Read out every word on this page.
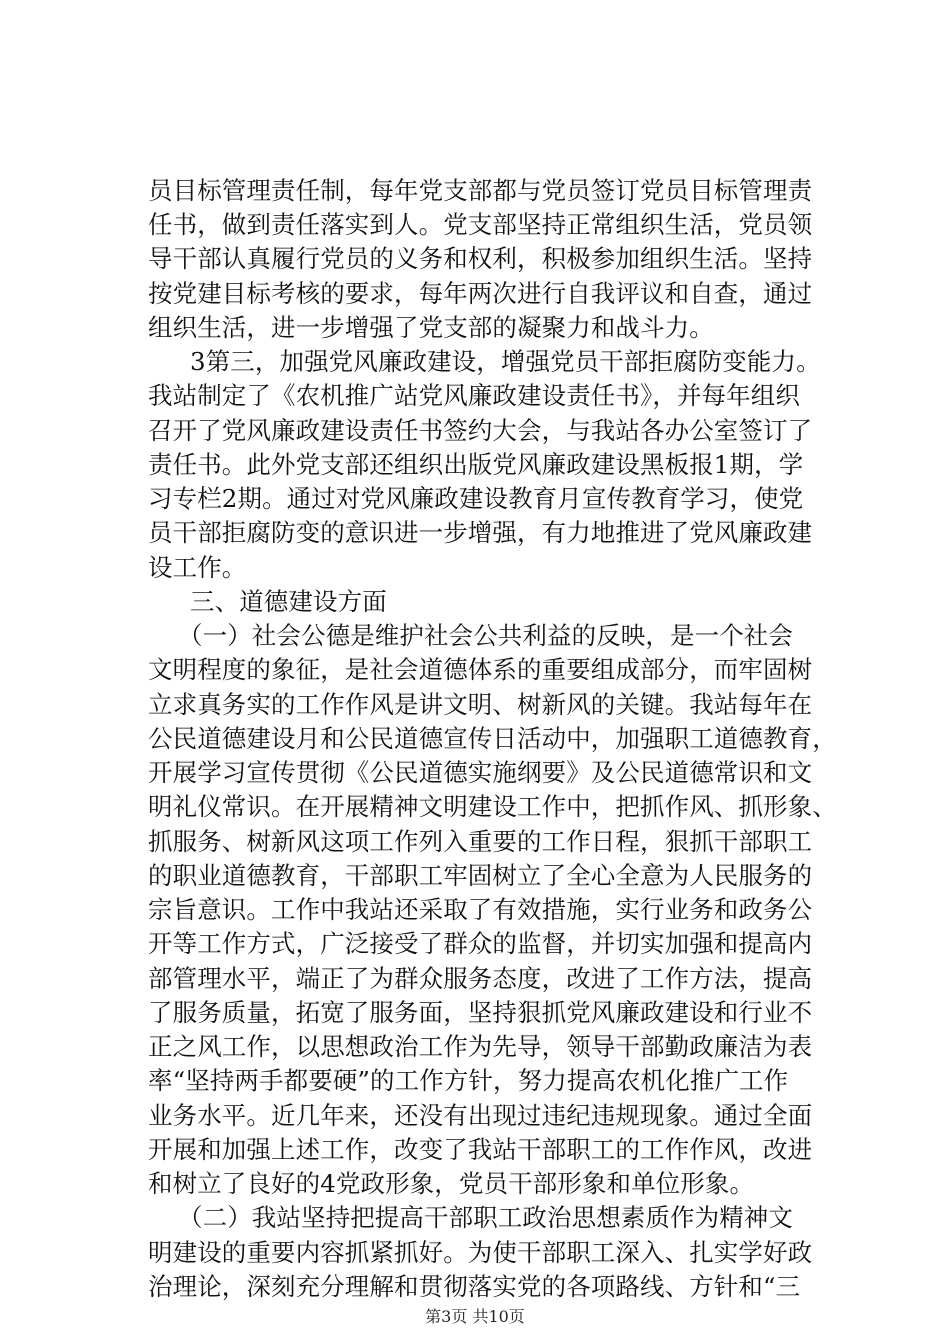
员目标管理责任制，每年党支部都与党员签订党员目标管理责
任书，做到责任落实到人。党支部坚持正常组织生活，党员领
导干部认真履行党员的义务和权利，积极参加组织生活。坚持
按党建目标考核的要求，每年两次进行自我评议和自查，通过
组织生活，进一步增强了党支部的凝聚力和战斗力。
3第三，加强党风廉政建设，增强党员干部拒腐防变能力。
我站制定了《农机推广站党风廉政建设责任书》，并每年组织
召开了党风廉政建设责任书签约大会，与我站各办公室签订了
责任书。此外党支部还组织出版党风廉政建设黑板报1期，学
习专栏2期。通过对党风廉政建设教育月宣传教育学习，使党
员干部拒腐防变的意识进一步增强，有力地推进了党风廉政建
设工作。
三、道德建设方面
（一）社会公德是维护社会公共利益的反映，是一个社会
文明程度的象征，是社会道德体系的重要组成部分，而牢固树
立求真务实的工作作风是讲文明、树新风的关键。我站每年在
公民道德建设月和公民道德宣传日活动中，加强职工道德教育，
开展学习宣传贯彻《公民道德实施纲要》及公民道德常识和文
明礼仪常识。在开展精神文明建设工作中，把抓作风、抓形象、
抓服务、树新风这项工作列入重要的工作日程，狠抓干部职工
的职业道德教育，干部职工牢固树立了全心全意为人民服务的
宗旨意识。工作中我站还采取了有效措施，实行业务和政务公
开等工作方式，广泛接受了群众的监督，并切实加强和提高内
部管理水平，端正了为群众服务态度，改进了工作方法，提高
了服务质量，拓宽了服务面，坚持狠抓党风廉政建设和行业不
正之风工作，以思想政治工作为先导，领导干部勤政廉洁为表
率“坚持两手都要硬”的工作方针，努力提高农机化推广工作
业务水平。近几年来，还没有出现过违纪违规现象。通过全面
开展和加强上述工作，改变了我站干部职工的工作作风，改进
和树立了良好的4党政形象，党员干部形象和单位形象。
（二）我站坚持把提高干部职工政治思想素质作为精神文
明建设的重要内容抓紧抓好。为使干部职工深入、扎实学好政
治理论，深刻充分理解和贯彻落实党的各项路线、方针和“三
第3页 共10页
